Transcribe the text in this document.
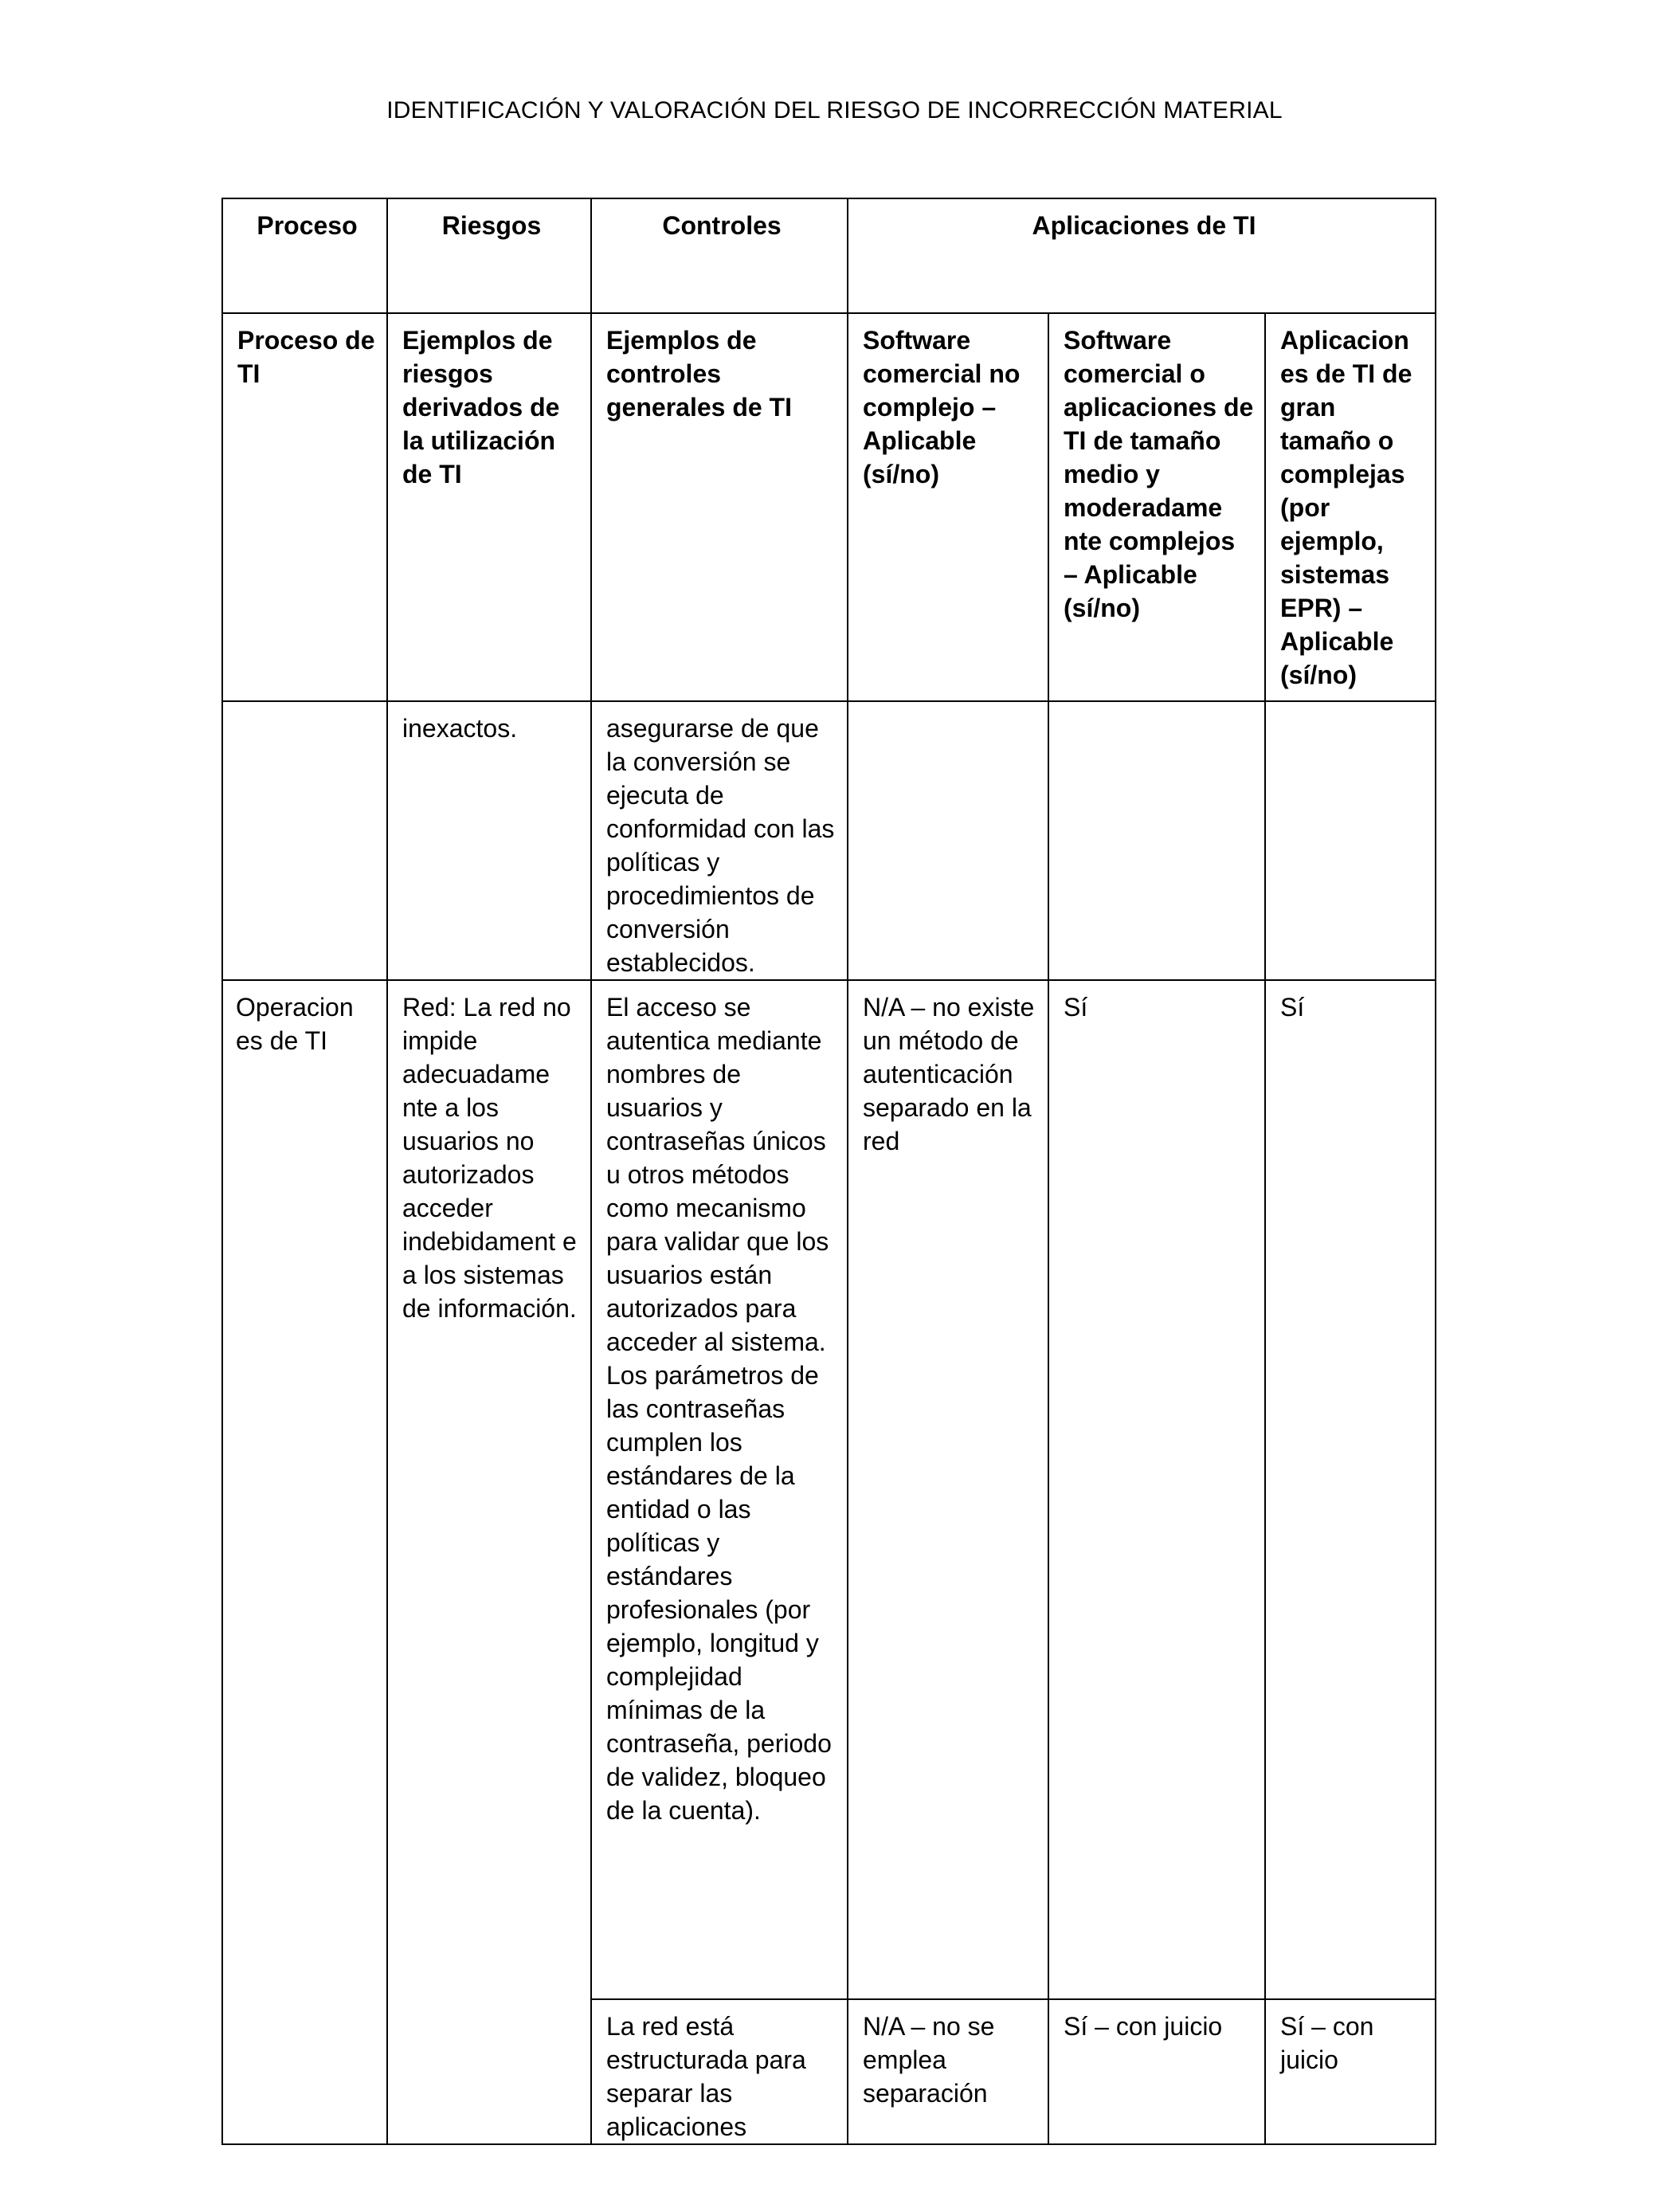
IDENTIFICACIÓN Y VALORACIÓN DEL RIESGO DE INCORRECCIÓN MATERIAL
Proceso	Riesgos	Controles	Aplicaciones de TI		
Proceso de TI	Ejemplos de riesgos derivados de la utilización de TI	Ejemplos de controles generales de TI	Software comercial no complejo – Aplicable (sí/no)	Software comercial o aplicaciones de TI de tamaño medio y moderadame nte complejos – Aplicable (sí/no)	Aplicacion es de TI de gran tamaño o complejas (por ejemplo, sistemas EPR) – Aplicable (sí/no)
	inexactos.	asegurarse de que la conversión se ejecuta de conformidad con las políticas y procedimientos de conversión establecidos.			
Operacion es de TI	Red: La red no impide adecuadame nte a los usuarios no autorizados acceder indebidament e a los sistemas de información.	El acceso se autentica mediante nombres de usuarios y contraseñas únicos u otros métodos como mecanismo para validar que los usuarios están autorizados para acceder al sistema. Los parámetros de las contraseñas cumplen los estándares de la entidad o las políticas y estándares profesionales (por ejemplo, longitud y complejidad mínimas de la contraseña, periodo de validez, bloqueo de la cuenta).	N/A – no existe un método de autenticación separado en la red	Sí	Sí
		La red está estructurada para separar las aplicaciones	N/A – no se emplea separación	Sí – con juicio	Sí – con juicio
